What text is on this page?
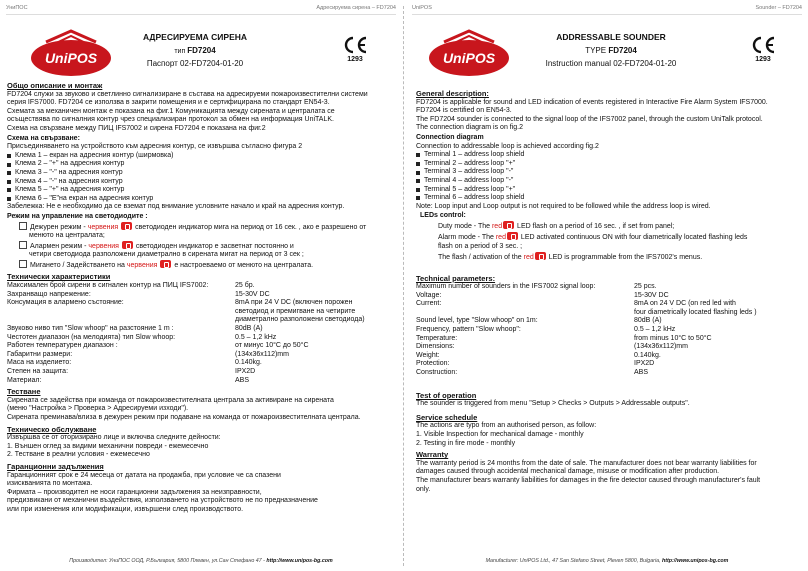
УниПОС	Адресируема сирена – FD7204
UniPOS
АДРЕСИРУЕМА СИРЕНА
тип FD7204
Паспорт 02-FD7204-01-20	1293
Общо описание и монтаж

FD7204 служи за звуково и светлинно сигнализиране в състава на адресируеми пожароизвестителни системи

серия IFS7000. FD7204 се използва в закрити помещения и е сертифицирана по стандарт EN54-3.

Схемата за механичен монтаж е показана на фиг.1 Комуникацията между сирената и централата се

осъществява по сигналния контур чрез специализиран протокол за обмен на информация UniTALK.

Схема на свързване между ПИЦ IFS7002 и сирена FD7204 е показана на фиг.2

Схема на свързване:

Присъединяването на устройството към адресния контур, се извършва съгласно фигура 2

Клема 1 – екран на адресния контур (ширмовка)
Клема 2 – "+" на адресния контур
Клема 3 – "-" на адресния контур
Клема 4 – "-" на адресния контур
Клема 5 – "+" на адресния контур
Клема 6 – "E"на екран на адресния контур

Забележка: Не е необходимо да се вземат под внимание условните начало и край на адресния контур.

Режим на управление на светодиодите :

Дежурен режим - червения светодиоден индикатор мига на период от 16 сек. , ако е разрешено от

менюто на централата;

Алармен режим - червения светодиоден индикатор е засветнат постоянно и

четири светодиода разположени диаметрално в сирената мигат на период от 3 сек ;

Мигането / Задействането на червения е настроеваемо от менюто на централата.

Технически характеристики
Максимален брой сирени в сигнален контур на ПИЦ IFS7002:	25 бр.
Захранващо напрежение:	15-30V DC
Консумация в алармено състояние:	8mA при 24 V DC (включен порожен
светодиод и премигване на четирите
диаметрално разположени светодиода)
Звуково ниво тип "Slow whoop" на разстояние 1 m :	80dB (A)
Честотен диапазон (на мелодията) тип Slow whoop:	0.5 – 1,2 kHz
Работен температурен диапазон :	от минус 10°C до 50°C
Габаритни размери:	(134x36x112)mm
Маса на изделието:	0.140kg.
Степен на защита:	IPX2D
Материал:	ABS
Тестване

Сирената се задейства при команда от пожароизвестителната централа за активиране на сирената

(меню "Настройка > Проверка > Адресируеми изходи").

Сирената преминава/влиза в дежурен режим при подаване на команда от пожароизвестителната централа.

Техническо обслужване

Извършва се от оторизирано лице и включва следните дейности:

1. Външен оглед за видими механични повреди - ежемесечно

2. Тестване в реални условия - ежемесечно

Гаранционни задължения

Гаранционният срок е 24 месеца от датата на продажба, при условие че са спазени

изискванията по монтажа.

Фирмата – производител не носи гаранционни задължения за неизправности,

предизвикани от механични въздействия, използването на устройството не по предназначение

или при изменения или модификации, извършени след производството.

Производител: УниПОС ООД, Р.България, 5800 Плевен, ул.Сан Стефано 47 - http://www.unipos-bg.com
UniPOS	Sounder – FD7204
UniPOS
ADDRESSABLE SOUNDER
TYPE FD7204
Instruction manual 02-FD7204-01-20	1293
General description:

FD7204 is applicable for sound and LED indication of events registered in Interactive Fire Alarm System IFS7000.

FD7204 is certified on EN54-3.

The FD7204 sounder is connected to the signal loop of the IFS7002 panel, through the custom UniTalk protocol.

The connection diagram is on fig.2

Connection diagram

Connection to addressable loop is achieved according fig.2

Terminal 1 – address loop shield
Terminal 2 – address loop "+"
Terminal 3 – address loop "-"
Terminal 4 – address loop "-"
Terminal 5 – address loop "+"
Terminal 6 – address loop shield

Note: Loop input and Loop output is not required to be followed while the address loop is wired.

LEDs control:

Duty mode - The red LED flash on a period of 16 sec. , if set from panel;

Alarm mode - The red LED activated continuous ON with four diametrically located flashing leds

flash on a period of 3 sec. ;

The flash / activation of the red LED is programmable from the IFS7002's menus.

Technical parameters:
Maximum number of sounders in the IFS7002 signal loop:	25 pcs.
Voltage:	15-30V DC
Current:	8mA on 24 V DC (on red led with
four diametrically located flashing leds )
Sound level, type "Slow whoop" on 1m:	80dB (A)
Frequency, pattern "Slow whoop":	0.5 – 1,2 kHz
Temperature:	from minus 10°C to 50°C
Dimensions:	(134x36x112)mm
Weight:	0.140kg.
Protection:	IPX2D
Construction:	ABS
Test of operation

The sounder is triggered from menu "Setup > Checks > Outputs > Addressable outputs".

Service schedule

The actions are typo from an authorised person, as follow:

1. Visible Inspection for mechanical damage - monthly

2. Testing in fire mode - monthly

Warranty

The warranty period is 24 months from the date of sale. The manufacturer does not bear warranty liabilities for

damages caused through accidental mechanical damage, misuse or modification after production.

The manufacturer bears warranty liabilities for damages in the fire detector caused through manufacturer's fault

only.

Manufacturer: UniPOS Ltd., 47 San Stefano Street, Pleven 5800, Bulgaria, http://www.unipos-bg.com
